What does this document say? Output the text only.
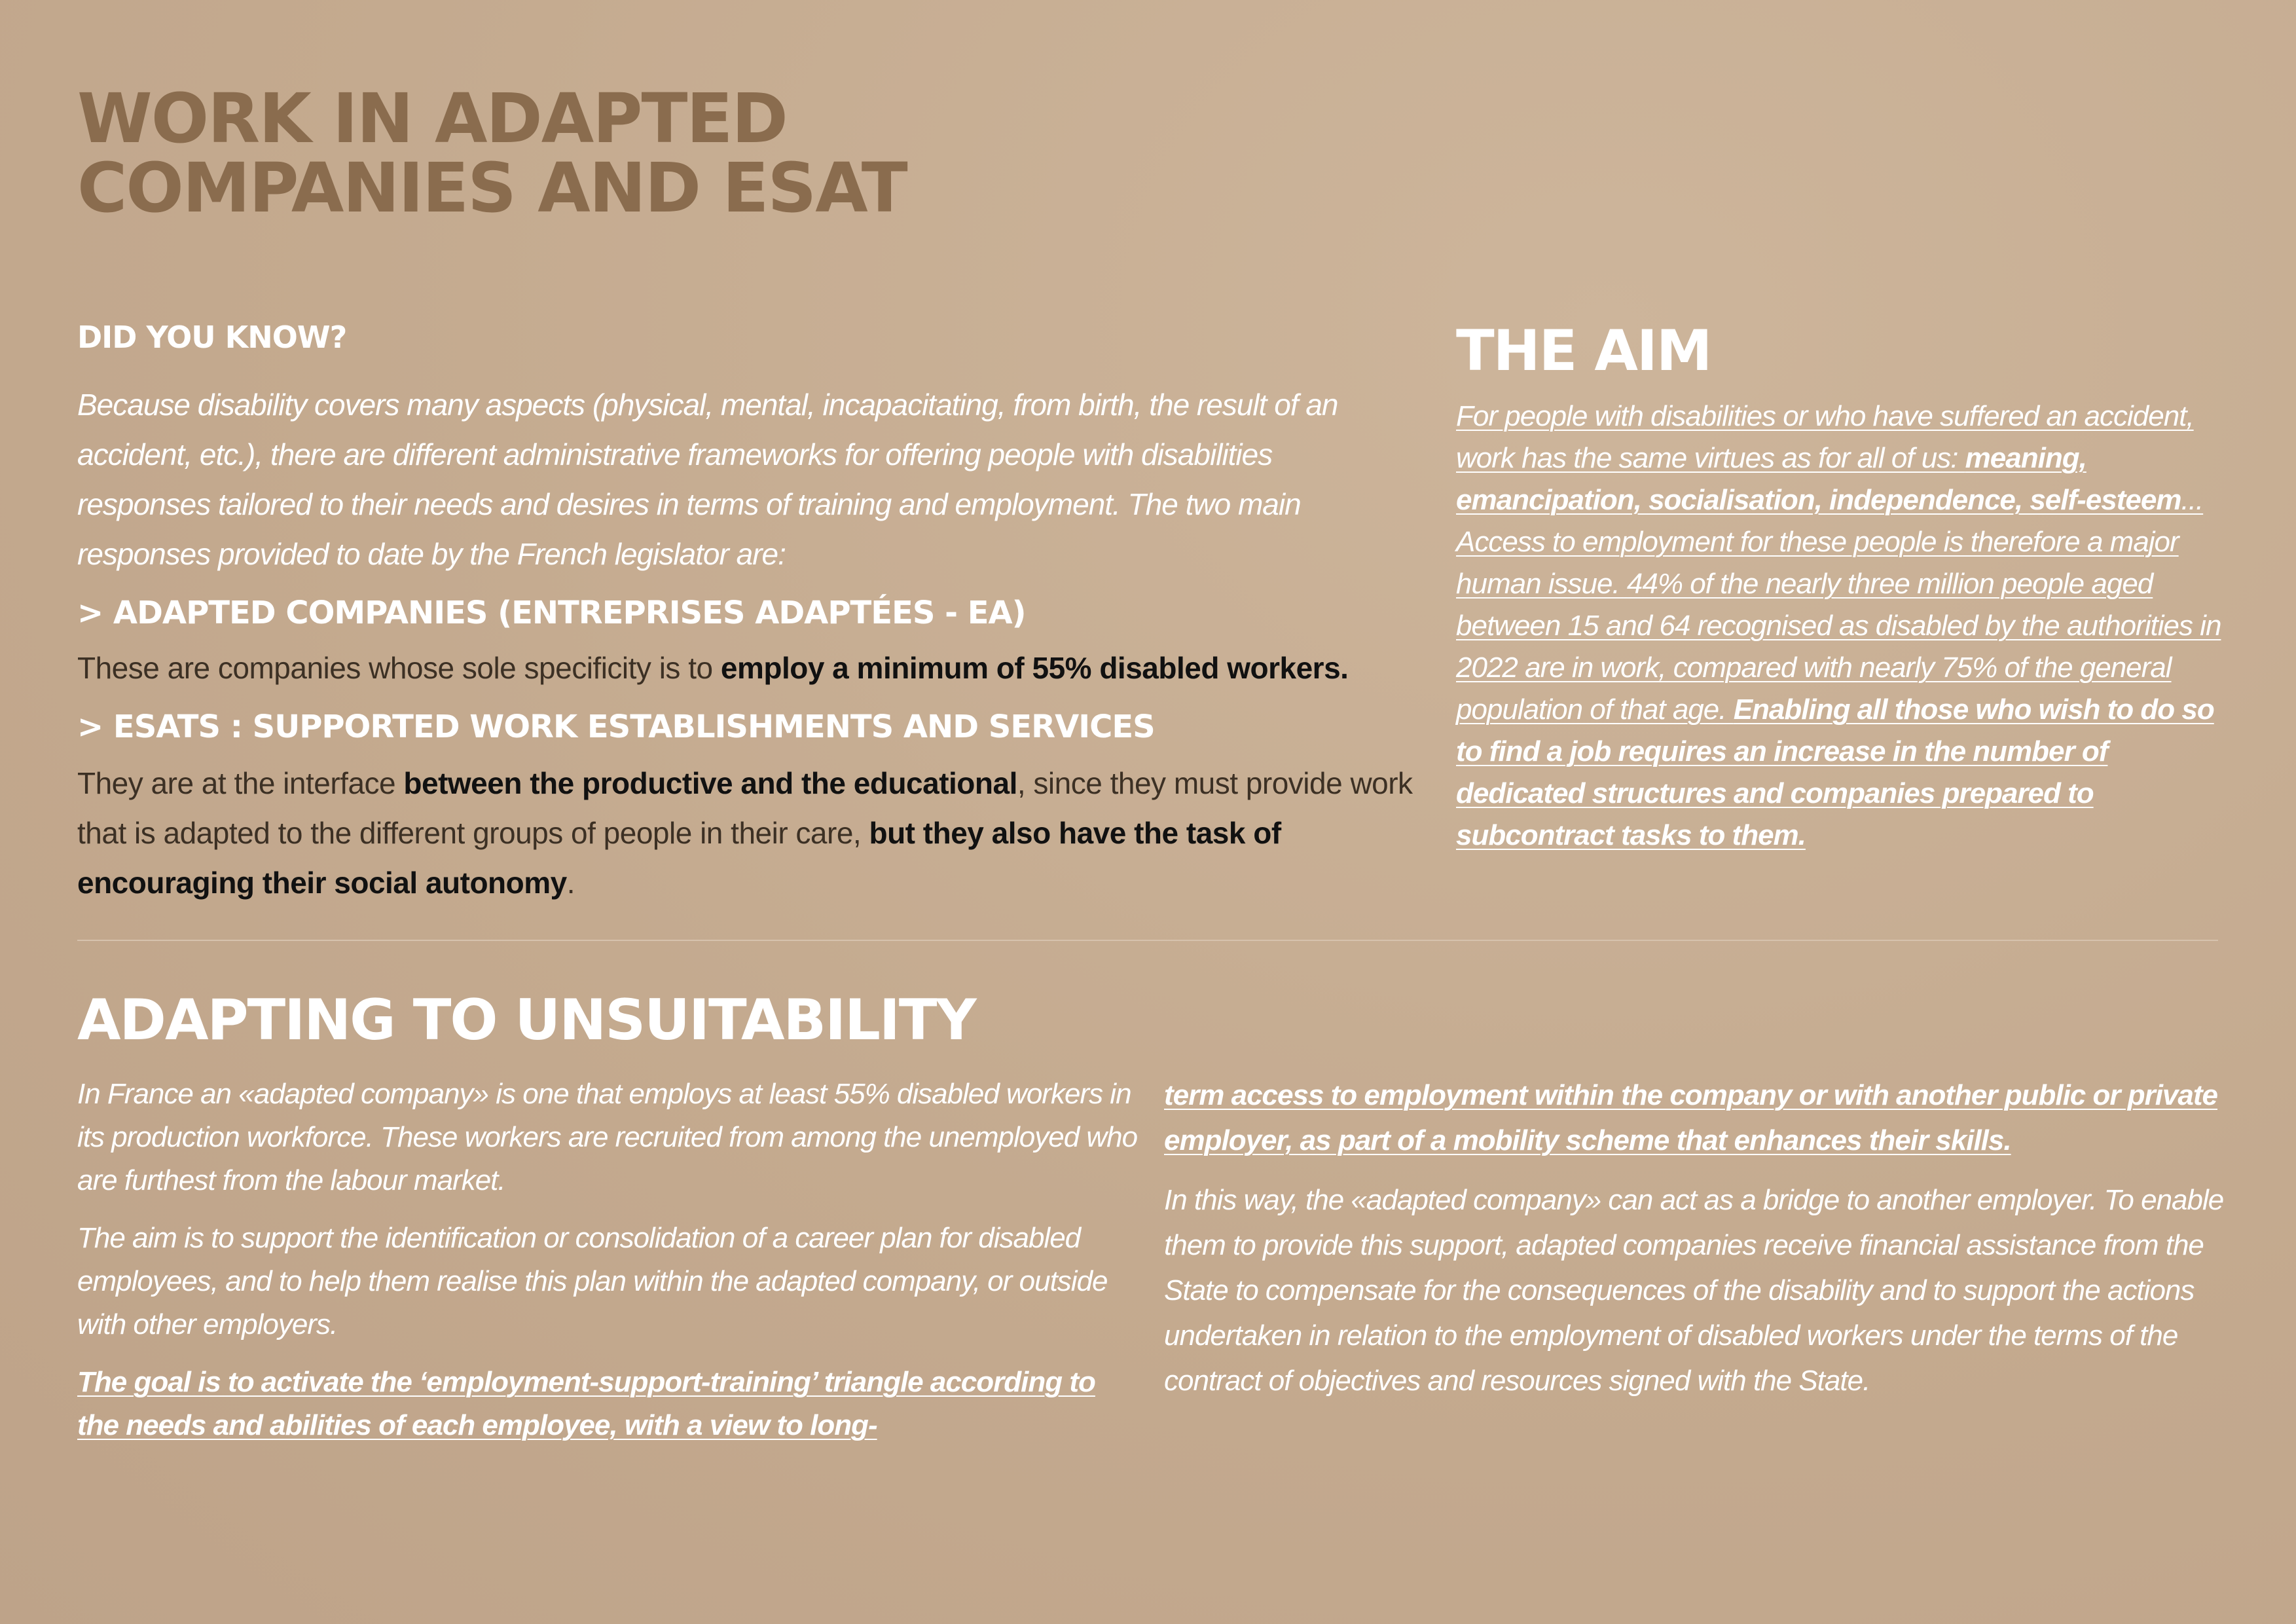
WORK IN ADAPTED
COMPANIES AND ESAT
DID YOU KNOW?

Because disability covers many aspects (physical, mental, incapacitating, from birth, the result of an accident, etc.), there are different administrative frameworks for offering people with disabilities responses tailored to their needs and desires in terms of training and employment. The two main responses provided to date by the French legislator are:

> ADAPTED COMPANIES (ENTREPRISES ADAPTÉES - EA)

These are companies whose sole specificity is to employ a minimum of 55% disabled workers.

> ESATS : SUPPORTED WORK ESTABLISHMENTS AND SERVICES

They are at the interface between the productive and the educational, since they must provide work that is adapted to the different groups of people in their care, but they also have the task of encouraging their social autonomy.

THE AIM

For people with disabilities or who have suffered an accident, work has the same virtues as for all of us: meaning, emancipation, socialisation, independence, self-esteem... Access to employment for these people is therefore a major human issue. 44% of the nearly three million people aged between 15 and 64 recognised as disabled by the authorities in 2022 are in work, compared with nearly 75% of the general population of that age. Enabling all those who wish to do so to find a job requires an increase in the number of dedicated structures and companies prepared to subcontract tasks to them.

ADAPTING TO UNSUITABILITY

In France an «adapted company» is one that employs at least 55% disabled workers in its production workforce. These workers are recruited from among the unemployed who are furthest from the labour market.

The aim is to support the identification or consolidation of a career plan for disabled employees, and to help them realise this plan within the adapted company, or outside with other employers.

The goal is to activate the ‘employment-support-training’ triangle according to the needs and abilities of each employee, with a view to long-

term access to employment within the company or with another public or private employer, as part of a mobility scheme that enhances their skills.

In this way, the «adapted company» can act as a bridge to another employer. To enable them to provide this support, adapted companies receive financial assistance from the State to compensate for the consequences of the disability and to support the actions undertaken in relation to the employment of disabled workers under the terms of the contract of objectives and resources signed with the State.
